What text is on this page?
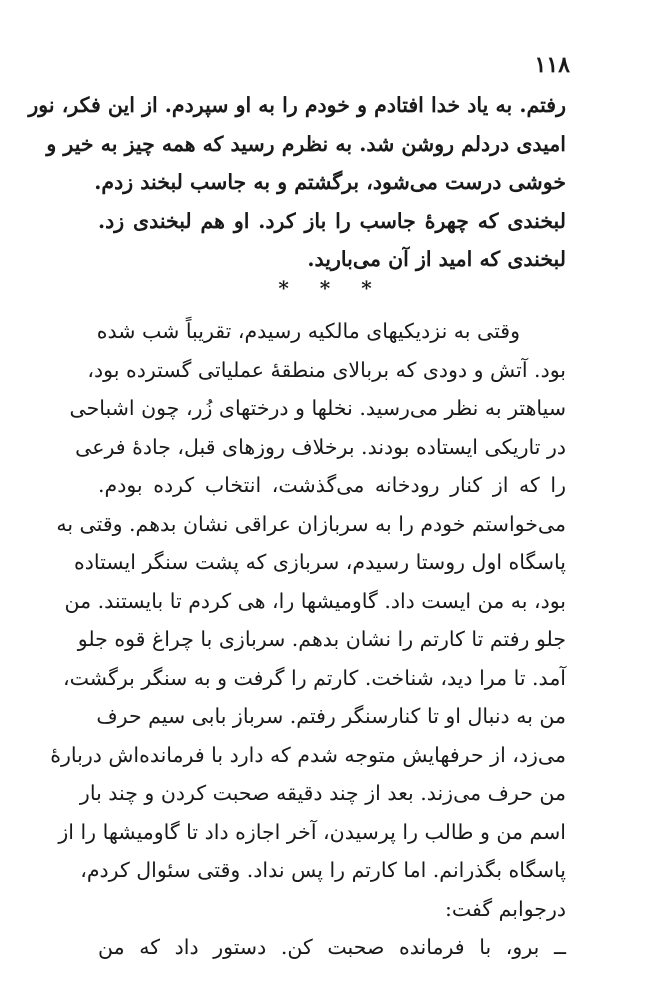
۱۱۸
رفتم. به یاد خدا افتادم و خودم را به او سپردم. از این فکر، نور
امیدی دردلم روشن شد. به نظرم رسید که همه چیز به خیر و
خوشی درست می‌شود، برگشتم و به جاسب لبخند زدم.
لبخندی که چهرهٔ جاسب را باز کرد. او هم لبخندی زد.
لبخندی که امید از آن می‌بارید.
* * *
وقتی به نزدیکیهای مالکیه رسیدم، تقریباً شب شده
بود. آتش و دودی که بربالای منطقهٔ عملیاتی گسترده بود،
سیاهتر به نظر می‌رسید. نخلها و درختهای زُر، چون اشباحی
در تاریکی ایستاده بودند. برخلاف روزهای قبل، جادهٔ فرعی
را که از کنار رودخانه می‌گذشت، انتخاب کرده بودم.
می‌خواستم خودم را به سربازان عراقی نشان بدهم. وقتی به
پاسگاه اول روستا رسیدم، سربازی که پشت سنگر ایستاده
بود، به من ایست داد. گاومیشها را، هی کردم تا بایستند. من
جلو رفتم تا کارتم را نشان بدهم. سربازی با چراغ قوه جلو
آمد. تا مرا دید، شناخت. کارتم را گرفت و به سنگر برگشت،
من به دنبال او تا کنارسنگر رفتم. سرباز بابی سیم حرف
می‌زد، از حرفهایش متوجه شدم که دارد با فرمانده‌اش دربارهٔ
من حرف می‌زند. بعد از چند دقیقه صحبت کردن و چند بار
اسم من و طالب را پرسیدن، آخر اجازه داد تا گاومیشها را از
پاسگاه بگذرانم. اما کارتم را پس نداد. وقتی سئوال کردم،
درجوابم گفت:
ــ برو، با فرمانده صحبت کن. دستور داد که من
